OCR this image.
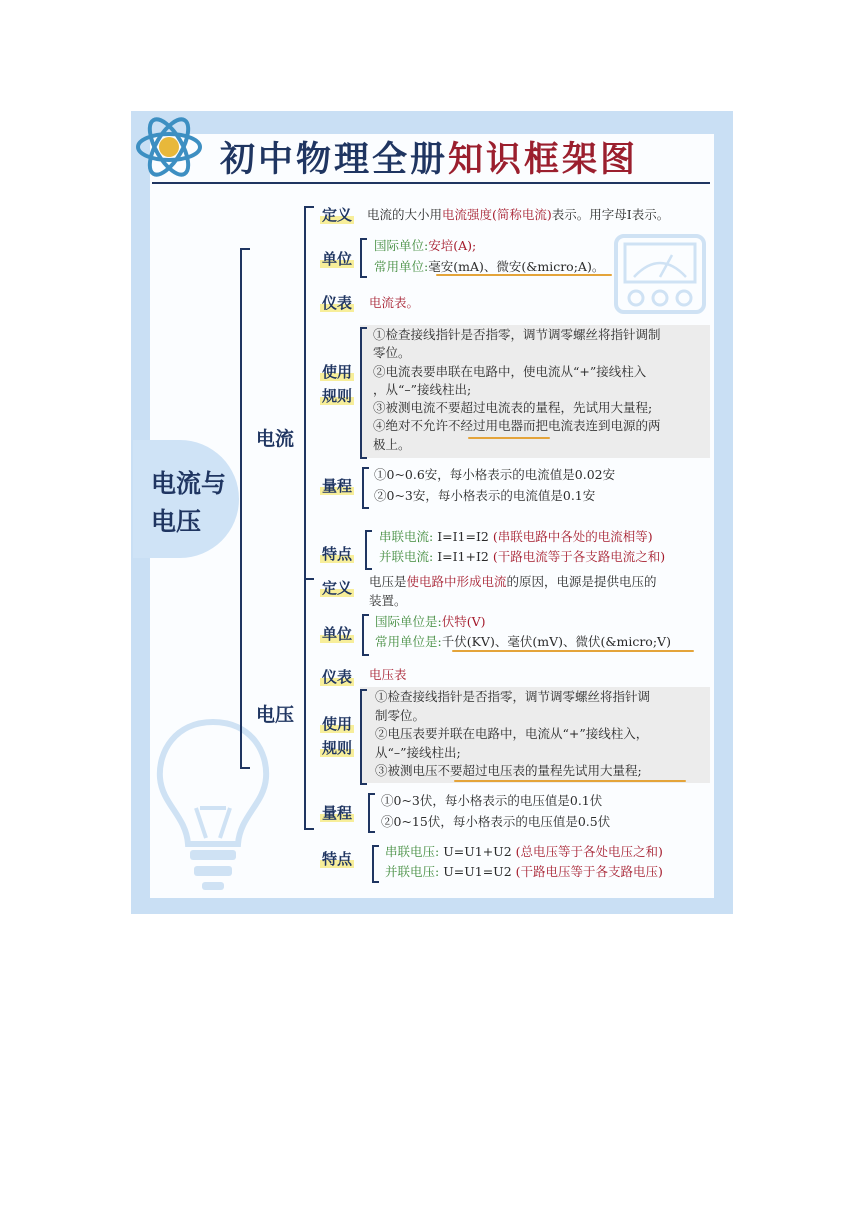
初中物理全册知识框架图
电流与
电压
电流
电压
定义 电流的大小用电流强度(简称电流)表示。用字母I表示。
单位
国际单位:安培(A);
常用单位:毫安(mA)、微安(&micro;A)。
仪表 电流表。
使用
规则
①检查接线指针是否指零，调节调零螺丝将指针调制
零位。
②电流表要串联在电路中，使电流从“+”接线柱入
，从“–”接线柱出;
③被测电流不要超过电流表的量程，先试用大量程;
④绝对不允许不经过用电器而把电流表连到电源的两
极上。
量程
①0~0.6安，每小格表示的电流值是0.02安
②0~3安，每小格表示的电流值是0.1安
特点
串联电流: I=I1=I2 (串联电路中各处的电流相等)
并联电流: I=I1+I2 (干路电流等于各支路电流之和)
定义 电压是使电路中形成电流的原因，电源是提供电压的
装置。
单位
国际单位是:伏特(V)
常用单位是:千伏(KV)、毫伏(mV)、微伏(&micro;V)
仪表 电压表
使用
规则
①检查接线指针是否指零，调节调零螺丝将指针调
制零位。
②电压表要并联在电路中，电流从“+”接线柱入，
从“–”接线柱出;
③被测电压不要超过电压表的量程先试用大量程;
量程
①0~3伏，每小格表示的电压值是0.1伏
②0~15伏，每小格表示的电压值是0.5伏
特点	串联电压: U=U1+U2 (总电压等于各处电压之和)
并联电压: U=U1=U2 (干路电压等于各支路电压)
